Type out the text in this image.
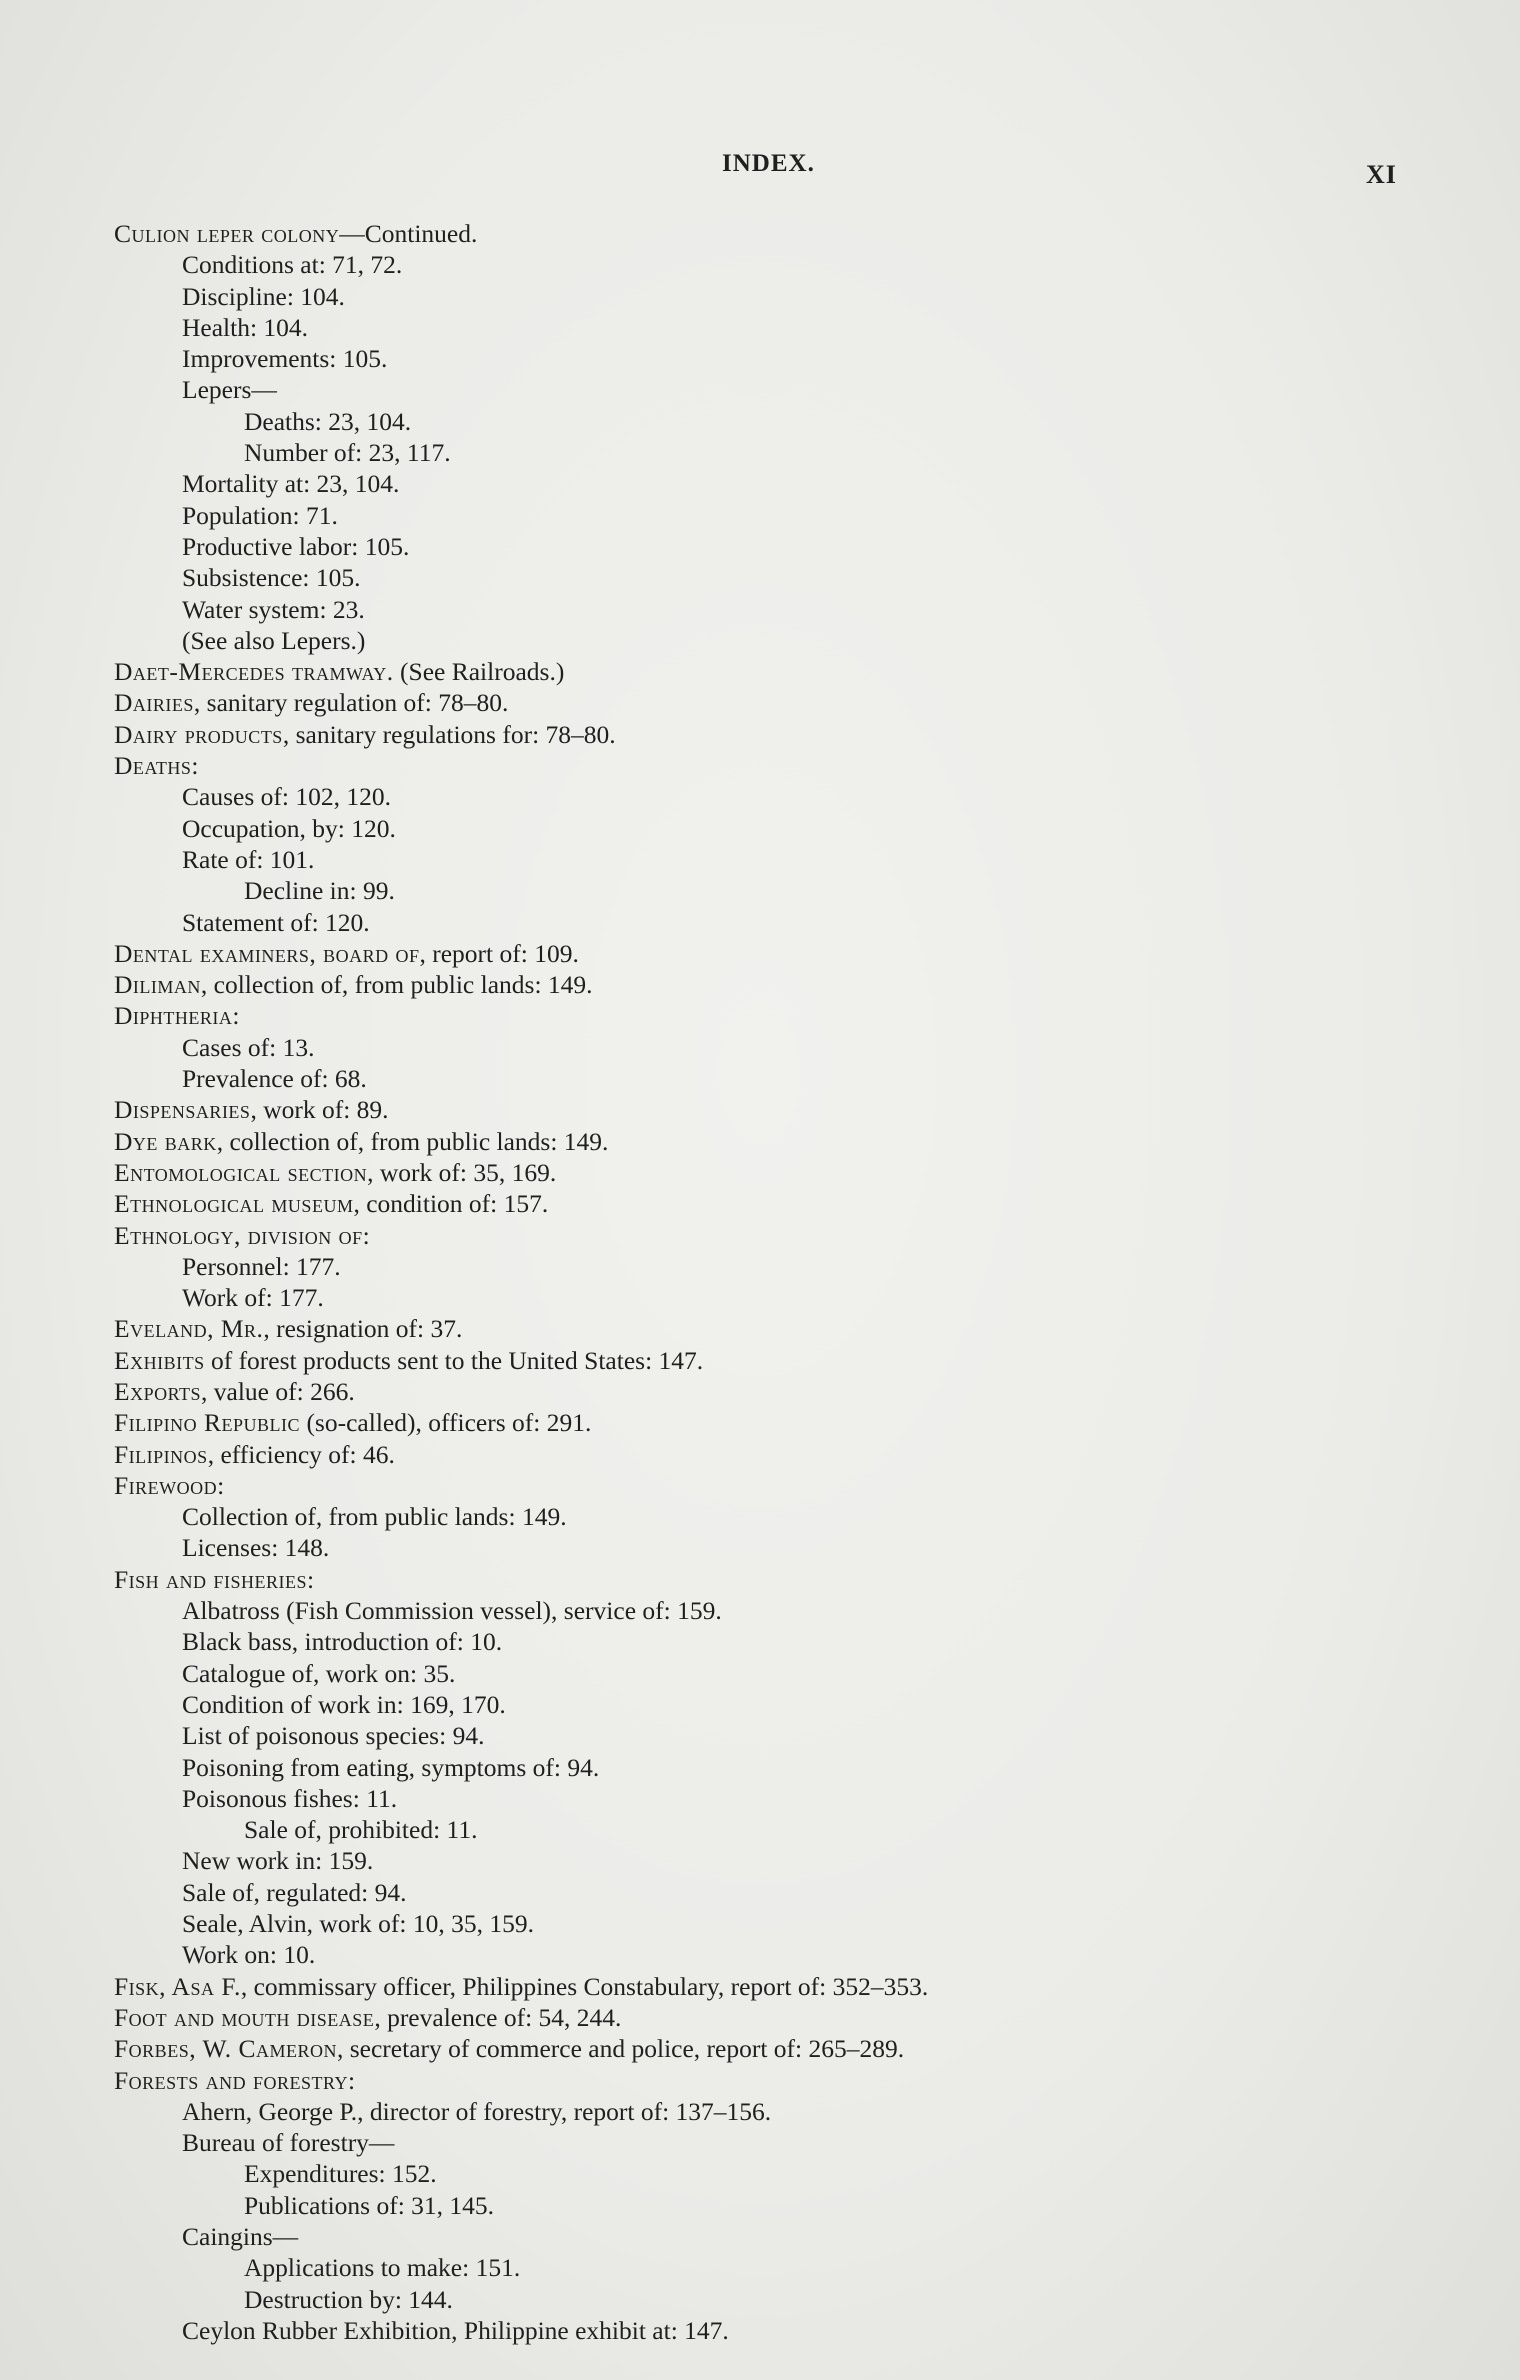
INDEX.	XI
Culion leper colony—Continued.
Conditions at: 71, 72.
Discipline: 104.
Health: 104.
Improvements: 105.
Lepers—
Deaths: 23, 104.
Number of: 23, 117.
Mortality at: 23, 104.
Population: 71.
Productive labor: 105.
Subsistence: 105.
Water system: 23.
(See also Lepers.)
Daet-Mercedes tramway. (See Railroads.)
Dairies, sanitary regulation of: 78–80.
Dairy products, sanitary regulations for: 78–80.
Deaths:
Causes of: 102, 120.
Occupation, by: 120.
Rate of: 101.
Decline in: 99.
Statement of: 120.
Dental examiners, board of, report of: 109.
Diliman, collection of, from public lands: 149.
Diphtheria:
Cases of: 13.
Prevalence of: 68.
Dispensaries, work of: 89.
Dye bark, collection of, from public lands: 149.
Entomological section, work of: 35, 169.
Ethnological museum, condition of: 157.
Ethnology, division of:
Personnel: 177.
Work of: 177.
Eveland, Mr., resignation of: 37.
Exhibits of forest products sent to the United States: 147.
Exports, value of: 266.
Filipino Republic (so-called), officers of: 291.
Filipinos, efficiency of: 46.
Firewood:
Collection of, from public lands: 149.
Licenses: 148.
Fish and fisheries:
Albatross (Fish Commission vessel), service of: 159.
Black bass, introduction of: 10.
Catalogue of, work on: 35.
Condition of work in: 169, 170.
List of poisonous species: 94.
Poisoning from eating, symptoms of: 94.
Poisonous fishes: 11.
Sale of, prohibited: 11.
New work in: 159.
Sale of, regulated: 94.
Seale, Alvin, work of: 10, 35, 159.
Work on: 10.
Fisk, Asa F., commissary officer, Philippines Constabulary, report of: 352–353.
Foot and mouth disease, prevalence of: 54, 244.
Forbes, W. Cameron, secretary of commerce and police, report of: 265–289.
Forests and forestry:
Ahern, George P., director of forestry, report of: 137–156.
Bureau of forestry—
Expenditures: 152.
Publications of: 31, 145.
Caingins—
Applications to make: 151.
Destruction by: 144.
Ceylon Rubber Exhibition, Philippine exhibit at: 147.
